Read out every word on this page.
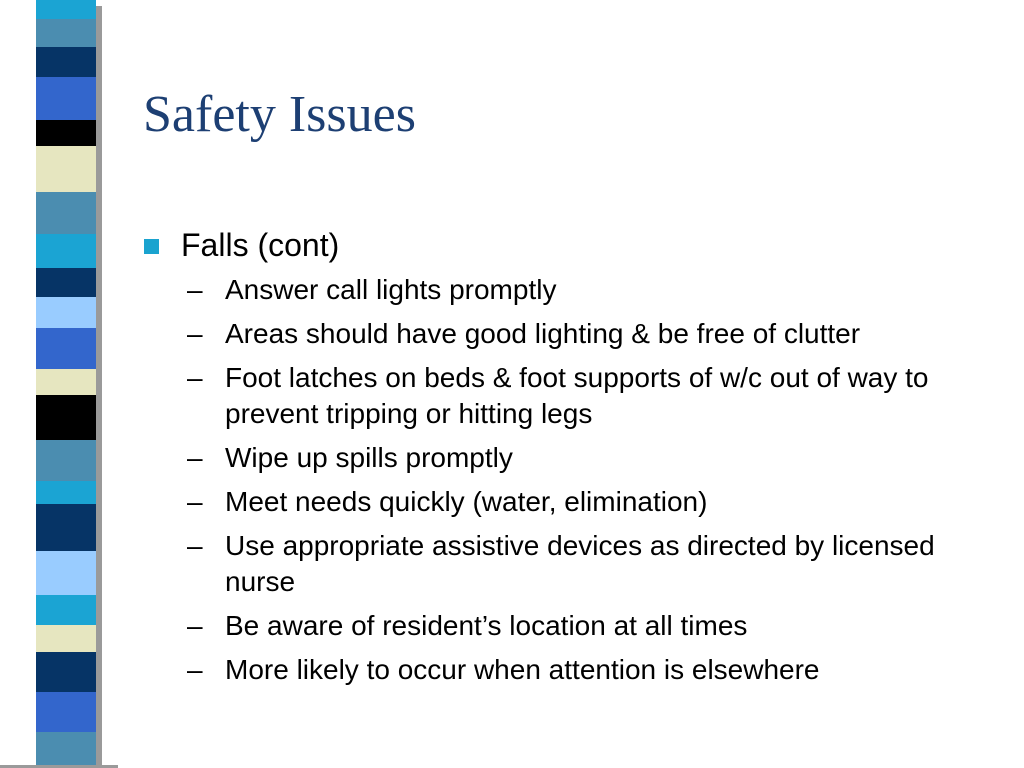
Safety Issues
Falls (cont)
– Answer call lights promptly
– Areas should have good lighting & be free of clutter
– Foot latches on beds & foot supports of w/c out of way to prevent tripping or hitting legs
– Wipe up spills promptly
– Meet needs quickly (water, elimination)
– Use appropriate assistive devices as directed by licensed nurse
– Be aware of resident’s location at all times
– More likely to occur when attention is elsewhere
